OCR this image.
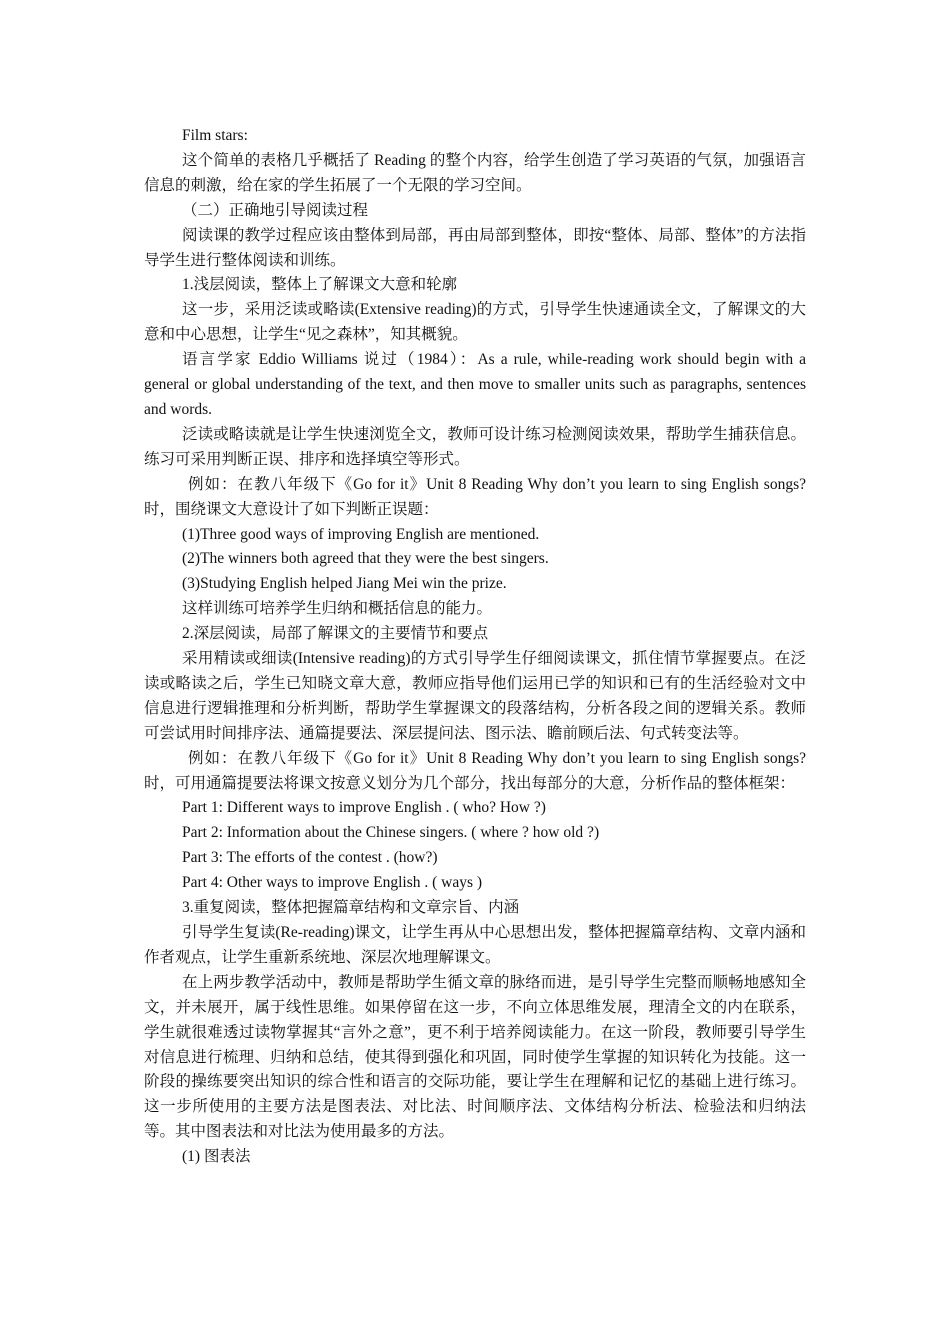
Film stars:

这个简单的表格几乎概括了 Reading 的整个内容，给学生创造了学习英语的气氛，加强语言信息的刺激，给在家的学生拓展了一个无限的学习空间。

（二）正确地引导阅读过程

阅读课的教学过程应该由整体到局部，再由局部到整体，即按“整体、局部、整体”的方法指导学生进行整体阅读和训练。

1.浅层阅读，整体上了解课文大意和轮廓

这一步，采用泛读或略读(Extensive reading)的方式，引导学生快速通读全文，了解课文的大意和中心思想，让学生“见之森林”，知其概貌。

语言学家 Eddio Williams 说过（1984）：As a rule, while-reading work should begin with a general or global understanding of the text, and then move to smaller units such as paragraphs, sentences and words.

泛读或略读就是让学生快速浏览全文，教师可设计练习检测阅读效果，帮助学生捕获信息。练习可采用判断正误、排序和选择填空等形式。

例如：在教八年级下《Go for it》Unit 8 Reading Why don’t you learn to sing English songs?时，围绕课文大意设计了如下判断正误题：

(1)Three good ways of improving English are mentioned.

(2)The winners both agreed that they were the best singers.

(3)Studying English helped Jiang Mei win the prize.

这样训练可培养学生归纳和概括信息的能力。

2.深层阅读，局部了解课文的主要情节和要点

采用精读或细读(Intensive reading)的方式引导学生仔细阅读课文，抓住情节掌握要点。在泛读或略读之后，学生已知晓文章大意，教师应指导他们运用已学的知识和已有的生活经验对文中信息进行逻辑推理和分析判断，帮助学生掌握课文的段落结构，分析各段之间的逻辑关系。教师可尝试用时间排序法、通篇提要法、深层提问法、图示法、瞻前顾后法、句式转变法等。

例如：在教八年级下《Go for it》Unit 8 Reading Why don’t you learn to sing English songs?时，可用通篇提要法将课文按意义划分为几个部分，找出每部分的大意，分析作品的整体框架：

Part 1: Different ways to improve English . ( who? How ?)

Part 2: Information about the Chinese singers. ( where ? how old ?)

Part 3: The efforts of the contest . (how?)

Part 4: Other ways to improve English . ( ways )

3.重复阅读，整体把握篇章结构和文章宗旨、内涵

引导学生复读(Re-reading)课文，让学生再从中心思想出发，整体把握篇章结构、文章内涵和作者观点，让学生重新系统地、深层次地理解课文。

在上两步教学活动中，教师是帮助学生循文章的脉络而进，是引导学生完整而顺畅地感知全文，并未展开，属于线性思维。如果停留在这一步，不向立体思维发展，理清全文的内在联系，学生就很难透过读物掌握其“言外之意”，更不利于培养阅读能力。在这一阶段，教师要引导学生对信息进行梳理、归纳和总结，使其得到强化和巩固，同时使学生掌握的知识转化为技能。这一阶段的操练要突出知识的综合性和语言的交际功能，要让学生在理解和记忆的基础上进行练习。这一步所使用的主要方法是图表法、对比法、时间顺序法、文体结构分析法、检验法和归纳法等。其中图表法和对比法为使用最多的方法。

(1) 图表法
